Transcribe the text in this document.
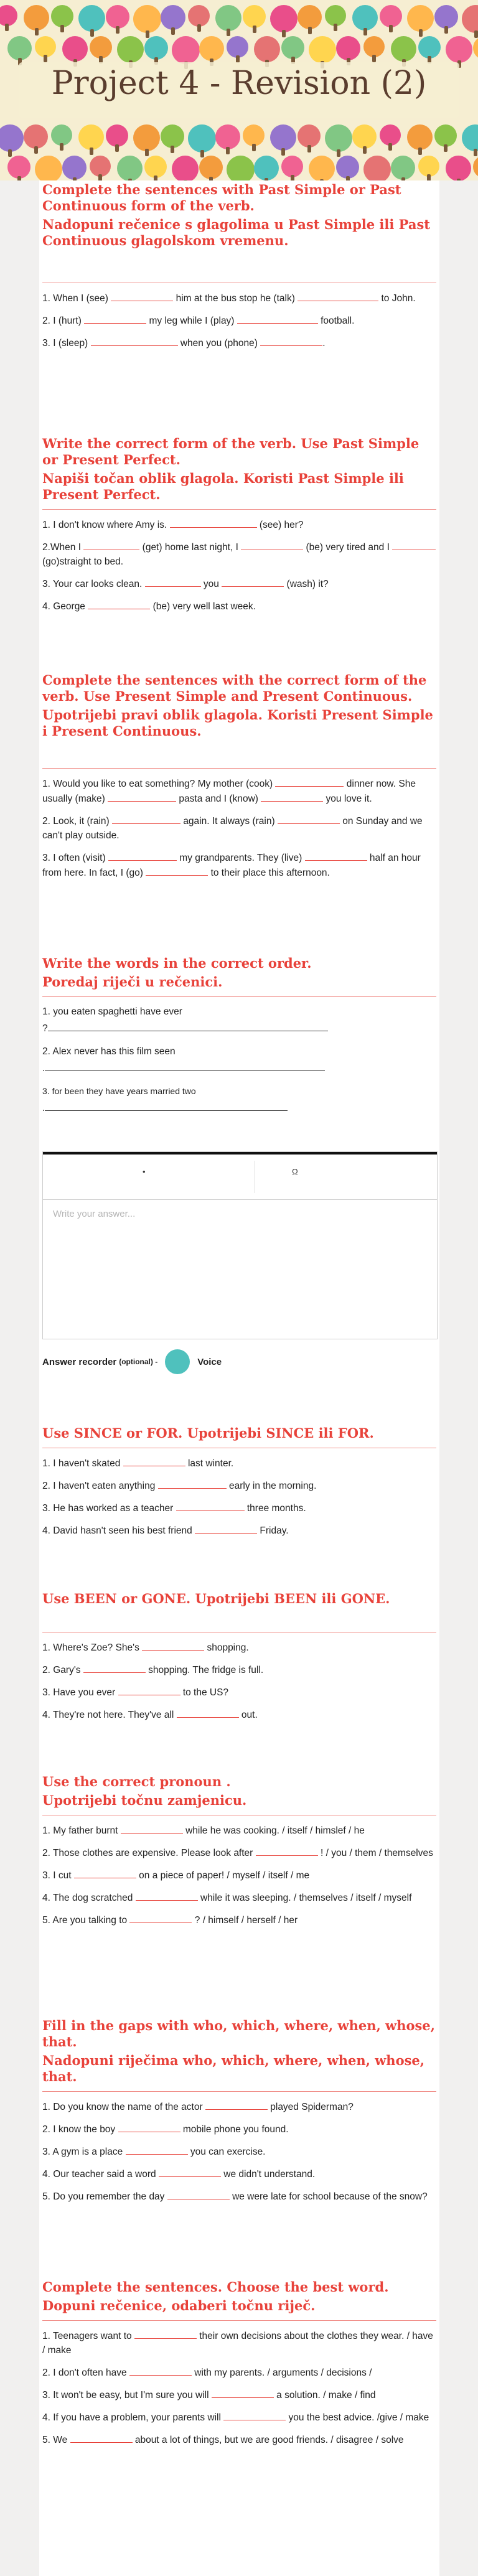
Project 4 - Revision (2)
Complete the sentences with Past Simple or Past Continuous form of the verb.
Nadopuni rečenice s glagolima u Past Simple ili Past Continuous glagolskom vremenu.

1. When I (see)	him at the bus stop he (talk)	to John.

2. I (hurt)	my leg while I (play)	football.

3. I (sleep)	when you (phone)	.

Write the correct form of the verb. Use Past Simple or Present Perfect.
Napiši točan oblik glagola. Koristi Past Simple ili Present Perfect.

1. I don't know where Amy is.	(see) her?

2.When I	(get) home last night, I	(be) very tired and I  (go)straight to bed.

3. Your car looks clean.	you	(wash) it?

4. George	(be) very well last week.

Complete the sentences with the correct form of the verb. Use Present Simple and Present Continuous.
Upotrijebi pravi oblik glagola. Koristi Present Simple i Present Continuous.

1. Would you like to eat something? My mother (cook)	dinner now. She usually (make)	pasta and I (know)	you love it.

2. Look, it (rain)	again. It always (rain)	on Sunday and we can't play outside.

3. I often (visit)	my grandparents. They (live)	half an hour from here. In fact, I (go)	to their place this afternoon.

Write the words in the correct order.
Poredaj riječi u rečenici.

1. you eaten spaghetti have ever

?

2. Alex never has this film seen

.

3. for been they have years married two

.

•	Ω
Write your answer...
Answer recorder (optional) -	Voice
Use SINCE or FOR. Upotrijebi SINCE ili FOR.

1. I haven't skated	last winter.

2. I haven't eaten anything	early in the morning.

3. He has worked as a teacher	three months.

4. David hasn't seen his best friend	Friday.

Use BEEN or GONE. Upotrijebi BEEN ili GONE.

1. Where's Zoe? She's	shopping.

2. Gary's	shopping. The fridge is full.

3. Have you ever	to the US?

4. They're not here. They've all	out.

Use the correct pronoun .
Upotrijebi točnu zamjenicu.

1. My father burnt	while he was cooking. / itself / himslef / he

2. Those clothes are expensive. Please look after	! / you / them / themselves

3. I cut	on a piece of paper! / myself / itself / me

4. The dog scratched	while it was sleeping. / themselves / itself / myself

5. Are you talking to	? / himself / herself / her

Fill in the gaps with who, which, where, when, whose, that.
Nadopuni riječima who, which, where, when, whose, that.

1. Do you know the name of the actor	played Spiderman?

2. I know the boy	mobile phone you found.

3. A gym is a place	you can exercise.

4. Our teacher said a word	we didn't understand.

5. Do you remember the day	we were late for school because of the snow?

Complete the sentences. Choose the best word.
Dopuni rečenice, odaberi točnu riječ.

1. Teenagers want to	their own decisions about the clothes they wear. / have / make

2. I don't often have	with my parents. / arguments / decisions /

3. It won't be easy, but I'm sure you will	a solution. / make / find

4. If you have a problem, your parents will	you the best advice. /give / make

5. We	about a lot of things, but we are good friends. / disagree / solve
